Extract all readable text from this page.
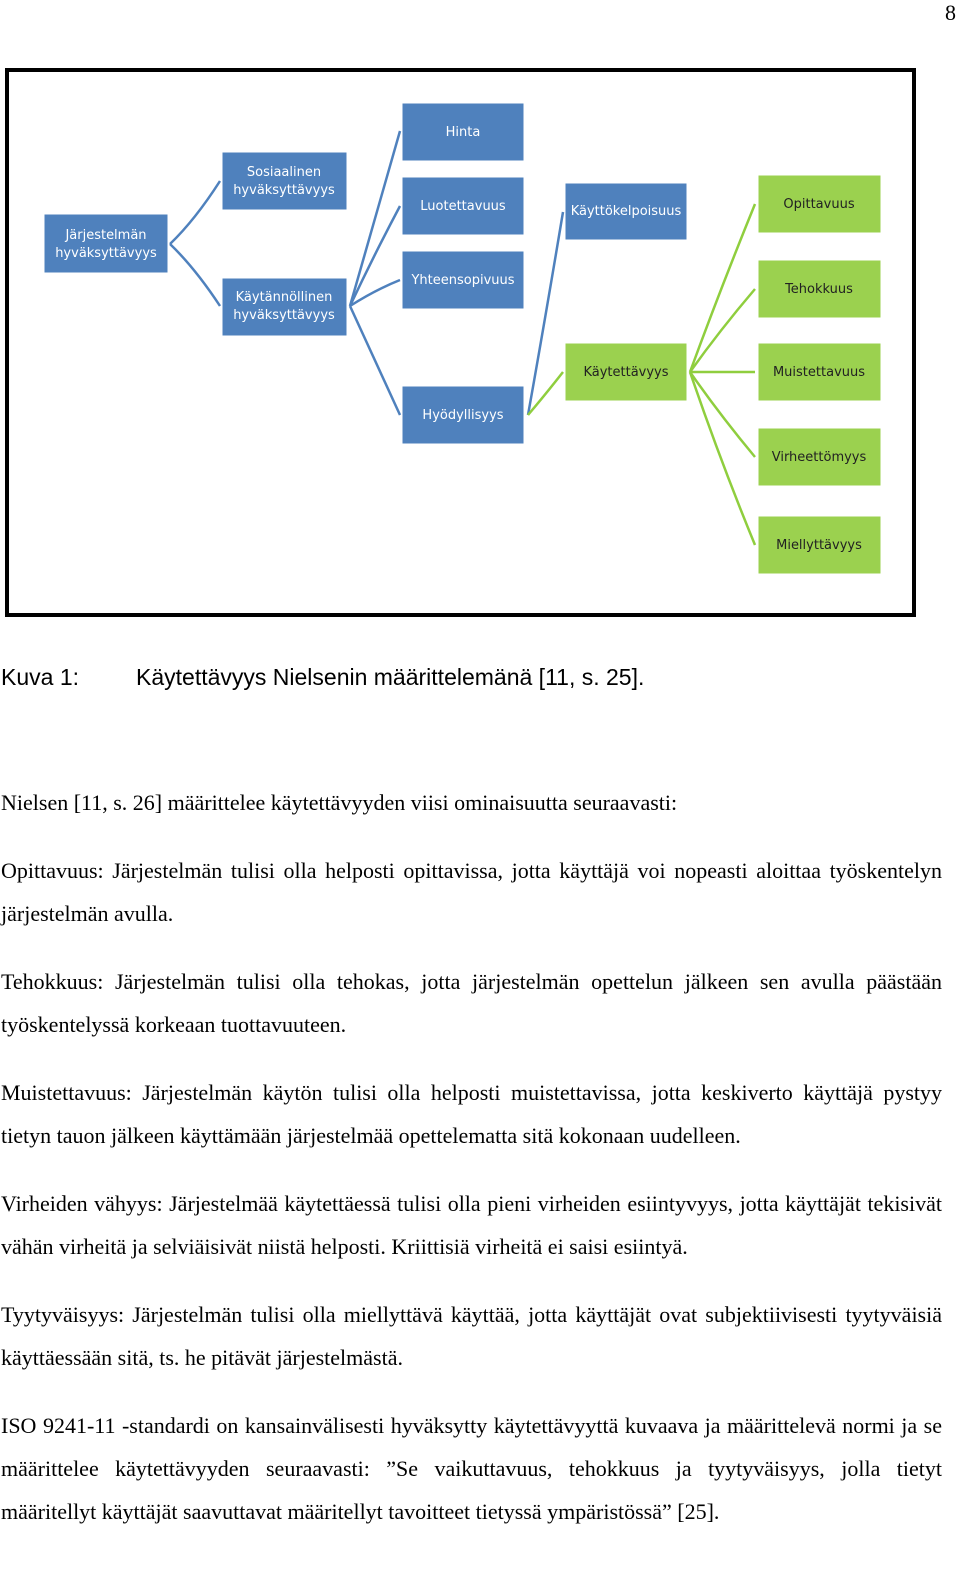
8
Järjestelmän
hyväksyttävyys
Sosiaalinen
hyväksyttävyys
Käytännöllinen
hyväksyttävyys
Hinta
Luotettavuus
Yhteensopivuus
Hyödyllisyys
Käyttökelpoisuus
Käytettävyys
Opittavuus
Tehokkuus
Muistettavuus
Virheettömyys
Miellyttävyys
Kuva 1: Käytettävyys Nielsenin määrittelemänä [11, s. 25].

Nielsen [11, s. 26] määrittelee käytettävyyden viisi ominaisuutta seuraavasti:

Opittavuus: Järjestelmän tulisi olla helposti opittavissa, jotta käyttäjä voi nopeasti aloittaa työskentelyn järjestelmän avulla.

Tehokkuus: Järjestelmän tulisi olla tehokas, jotta järjestelmän opettelun jälkeen sen avulla päästään työskentelyssä korkeaan tuottavuuteen.

Muistettavuus: Järjestelmän käytön tulisi olla helposti muistettavissa, jotta keskiverto käyttäjä pystyy tietyn tauon jälkeen käyttämään järjestelmää opettelematta sitä kokonaan uudelleen.

Virheiden vähyys: Järjestelmää käytettäessä tulisi olla pieni virheiden esiintyvyys, jotta käyttäjät tekisivät vähän virheitä ja selviäisivät niistä helposti. Kriittisiä virheitä ei saisi esiintyä.

Tyytyväisyys: Järjestelmän tulisi olla miellyttävä käyttää, jotta käyttäjät ovat subjektiivisesti tyytyväisiä käyttäessään sitä, ts. he pitävät järjestelmästä.

ISO 9241-11 -standardi on kansainvälisesti hyväksytty käytettävyyttä kuvaava ja määrittelevä normi ja se määrittelee käytettävyyden seuraavasti: ”Se vaikuttavuus, tehokkuus ja tyytyväisyys, jolla tietyt määritellyt käyttäjät saavuttavat määritellyt tavoitteet tietyssä ympäristössä” [25].
